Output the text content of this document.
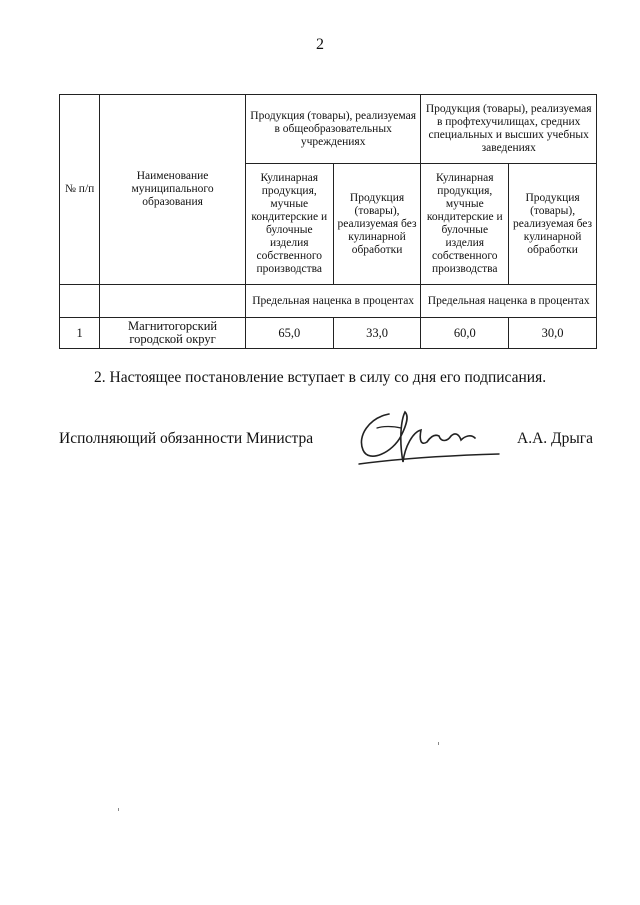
2
№ п/п	Наименование муниципального образования	Продукция (товары), реализуемая в общеобразовательных учреждениях		Продукция (товары), реализуемая в профтехучилищах, средних специальных и высших учебных заведениях	
		Кулинарная продукция, мучные кондитерские и булочные изделия собственного производства	Продукция (товары), реализуемая без кулинарной обработки	Кулинарная продукция, мучные кондитерские и булочные изделия собственного производства	Продукция (товары), реализуемая без кулинарной обработки
		Предельная наценка в процентах		Предельная наценка в процентах	
1	Магнитогорский городской округ	65,0	33,0	60,0	30,0
2. Настоящее постановление вступает в силу со дня его подписания.
Исполняющий обязанности Министра	А.А. Дрыга
